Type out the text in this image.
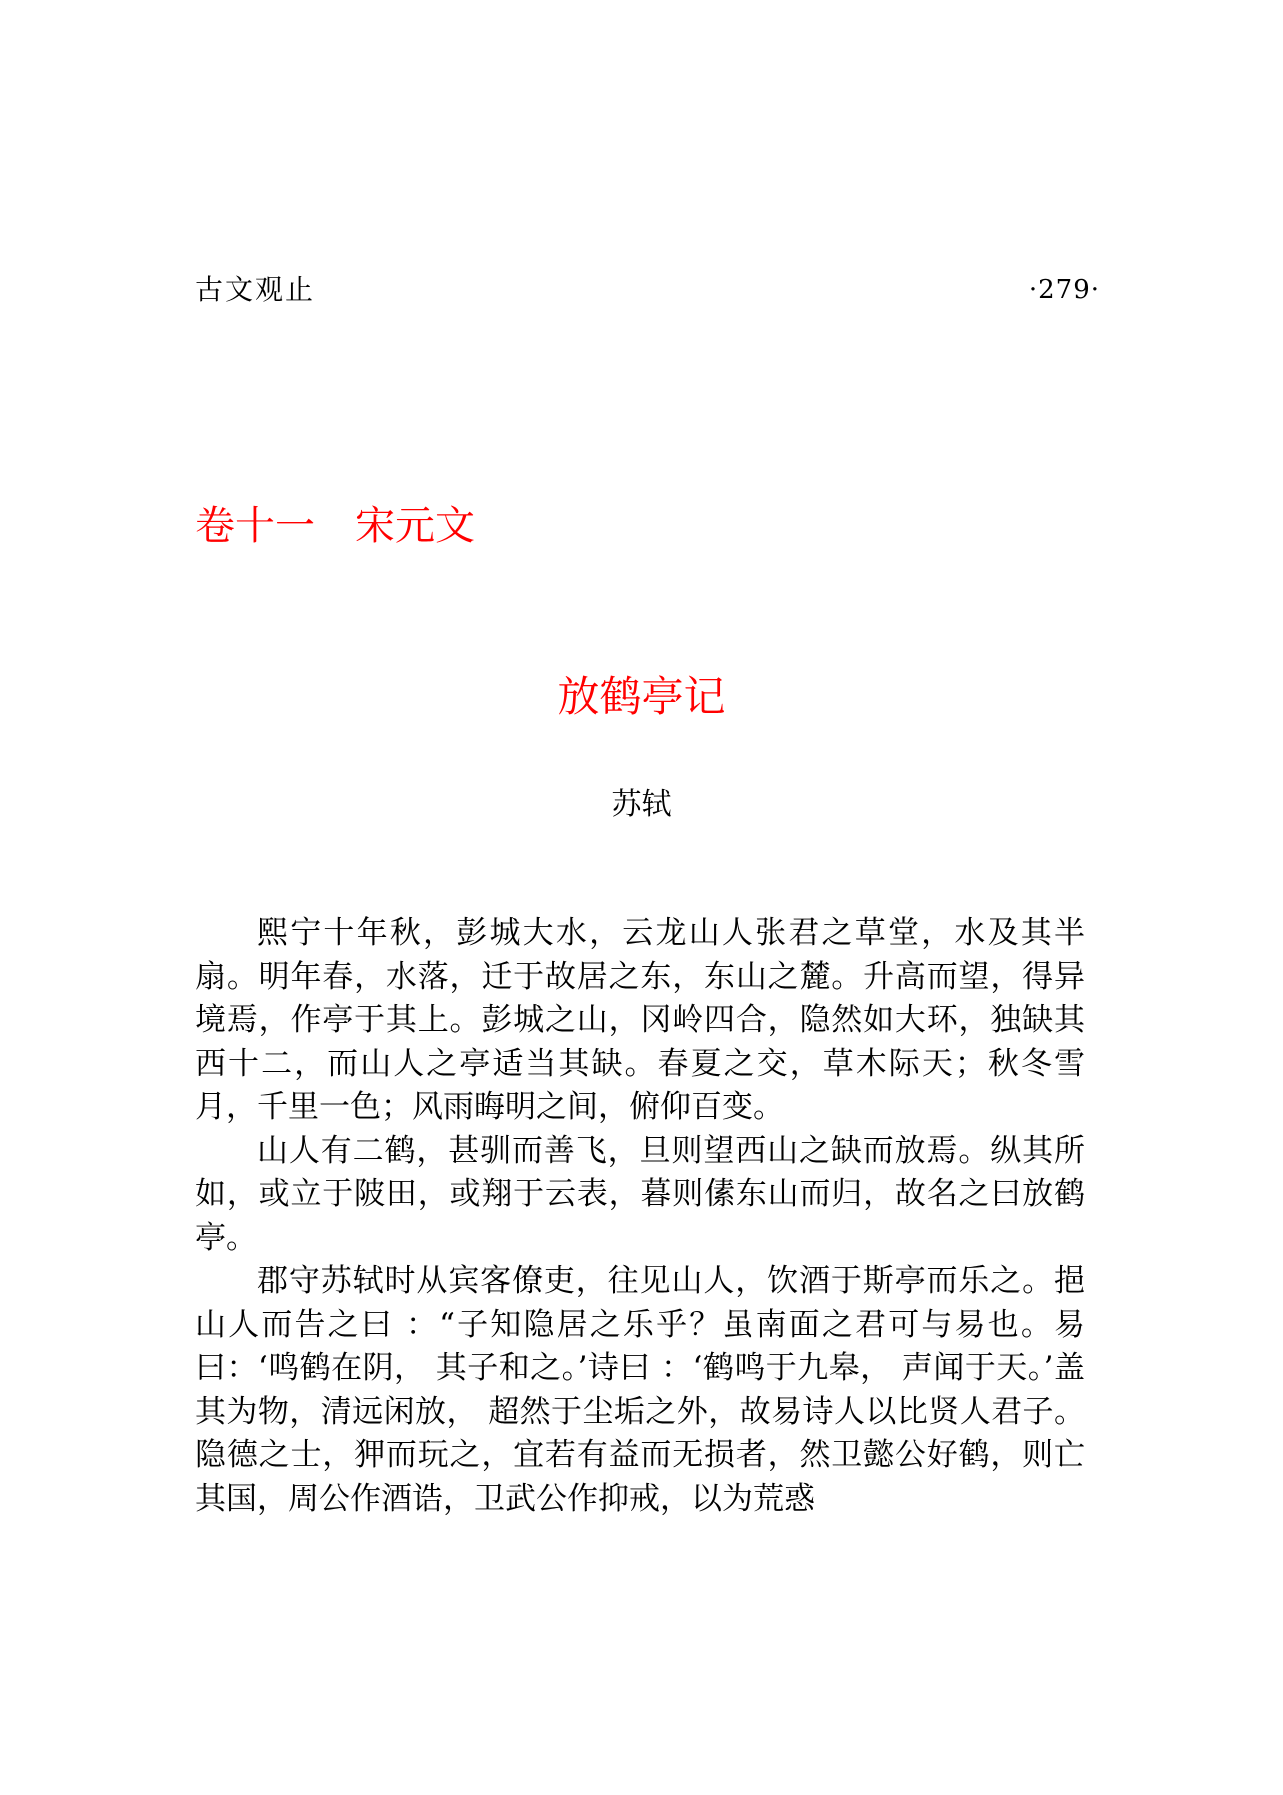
古文观止	·279·
卷十一　宋元文
放鹤亭记
苏轼

熙宁十年秋，彭城大水，云龙山人张君之草堂，水及其半扇。明年春，水落，迁于故居之东，东山之麓。升高而望，得异境焉，作亭于其上。彭城之山，冈岭四合，隐然如大环，独缺其西十二，而山人之亭适当其缺。春夏之交，草木际天；秋冬雪月，千里一色；风雨晦明之间，俯仰百变。

山人有二鹤，甚驯而善飞，旦则望西山之缺而放焉。纵其所如，或立于陂田，或翔于云表，暮则傃东山而归，故名之曰放鹤亭。

郡守苏轼时从宾客僚吏，往见山人，饮酒于斯亭而乐之。挹山人而告之曰 ：“子知隐居之乐乎？虽南面之君可与易也。易曰：‘鸣鹤在阴， 其子和之。’诗曰 ：‘鹤鸣于九皋， 声闻于天。’盖其为物，清远闲放， 超然于尘垢之外，故易诗人以比贤人君子。隐德之士，狎而玩之，宜若有益而无损者，然卫懿公好鹤，则亡其国，周公作酒诰，卫武公作抑戒，以为荒惑
